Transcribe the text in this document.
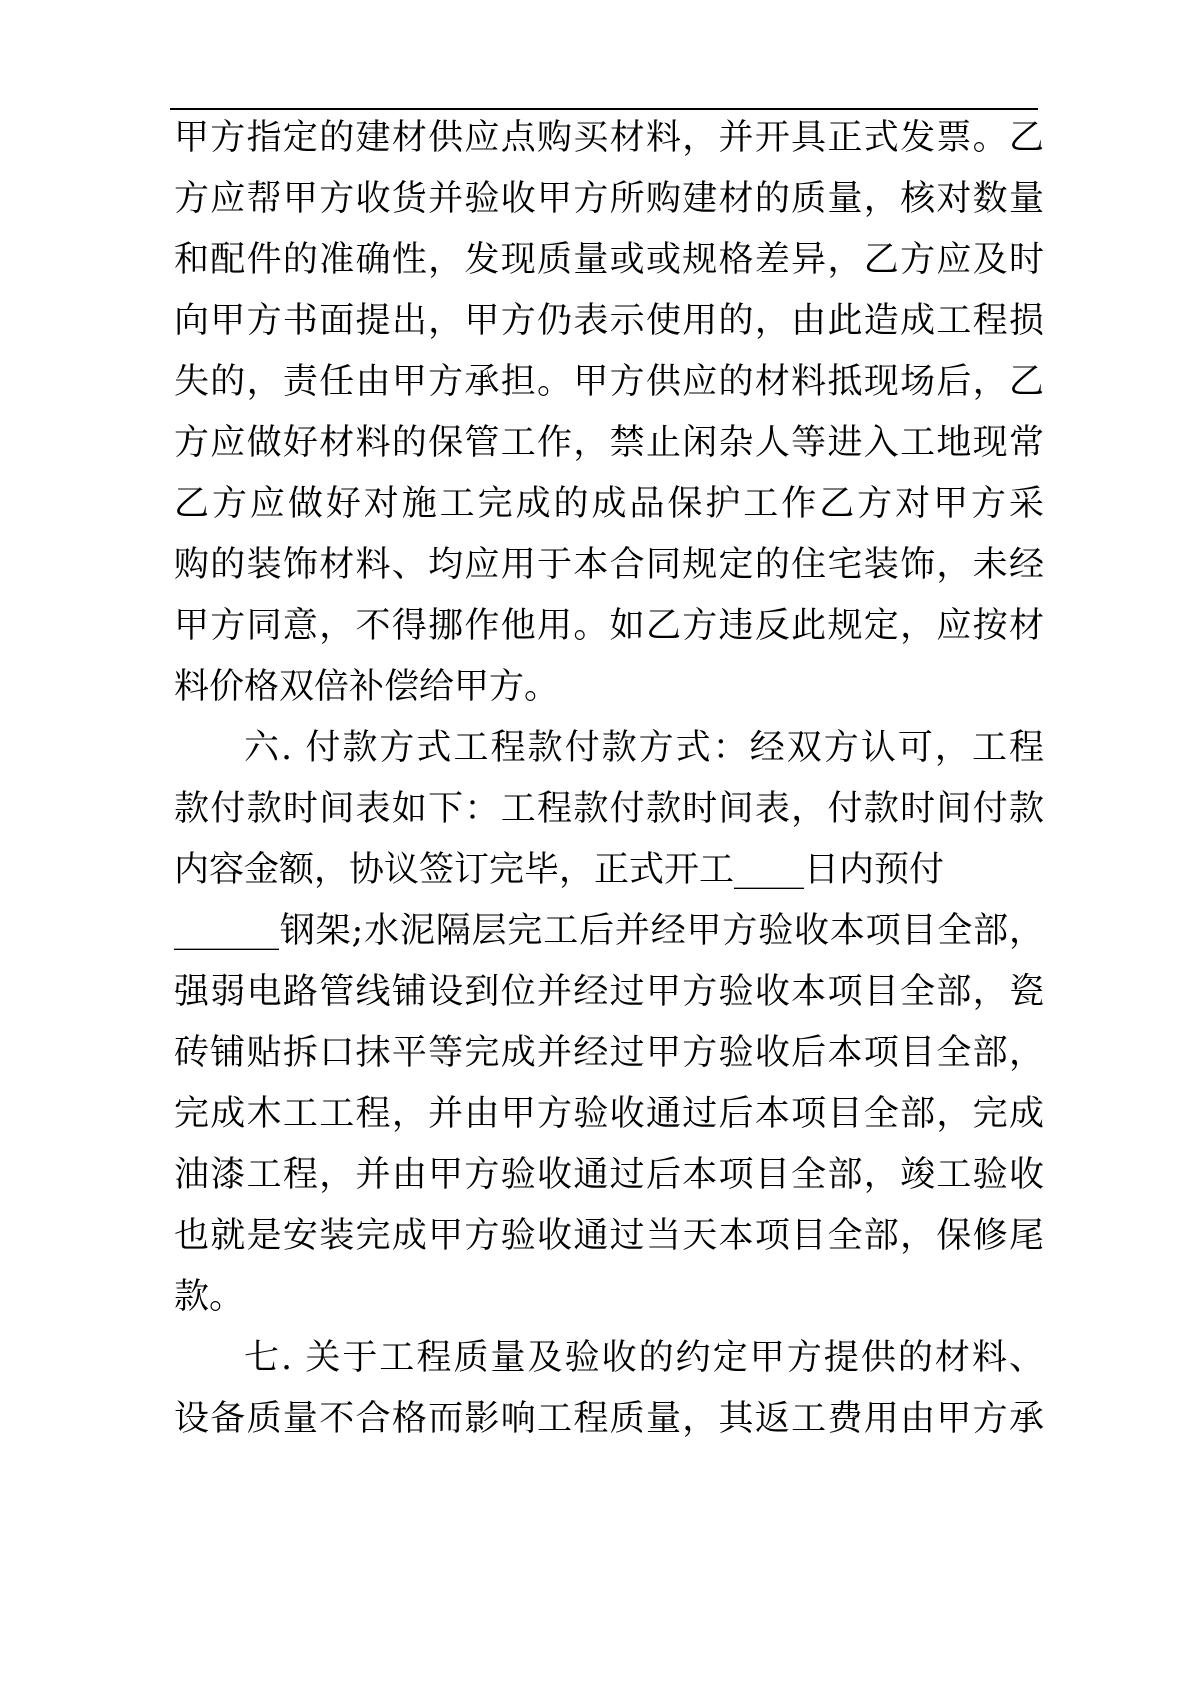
甲方指定的建材供应点购买材料，并开具正式发票。乙
方应帮甲方收货并验收甲方所购建材的质量，核对数量
和配件的准确性，发现质量或或规格差异，乙方应及时
向甲方书面提出，甲方仍表示使用的，由此造成工程损
失的，责任由甲方承担。甲方供应的材料抵现场后，乙
方应做好材料的保管工作，禁止闲杂人等进入工地现常
乙方应做好对施工完成的成品保护工作乙方对甲方采
购的装饰材料、均应用于本合同规定的住宅装饰，未经
甲方同意，不得挪作他用。如乙方违反此规定，应按材
料价格双倍补偿给甲方。
六. 付款方式工程款付款方式：经双方认可，工程
款付款时间表如下：工程款付款时间表，付款时间付款
内容金额，协议签订完毕，正式开工____日内预付
______钢架;水泥隔层完工后并经甲方验收本项目全部，
强弱电路管线铺设到位并经过甲方验收本项目全部，瓷
砖铺贴拆口抹平等完成并经过甲方验收后本项目全部，
完成木工工程，并由甲方验收通过后本项目全部，完成
油漆工程，并由甲方验收通过后本项目全部，竣工验收
也就是安装完成甲方验收通过当天本项目全部，保修尾
款。
七. 关于工程质量及验收的约定甲方提供的材料、
设备质量不合格而影响工程质量，其返工费用由甲方承
